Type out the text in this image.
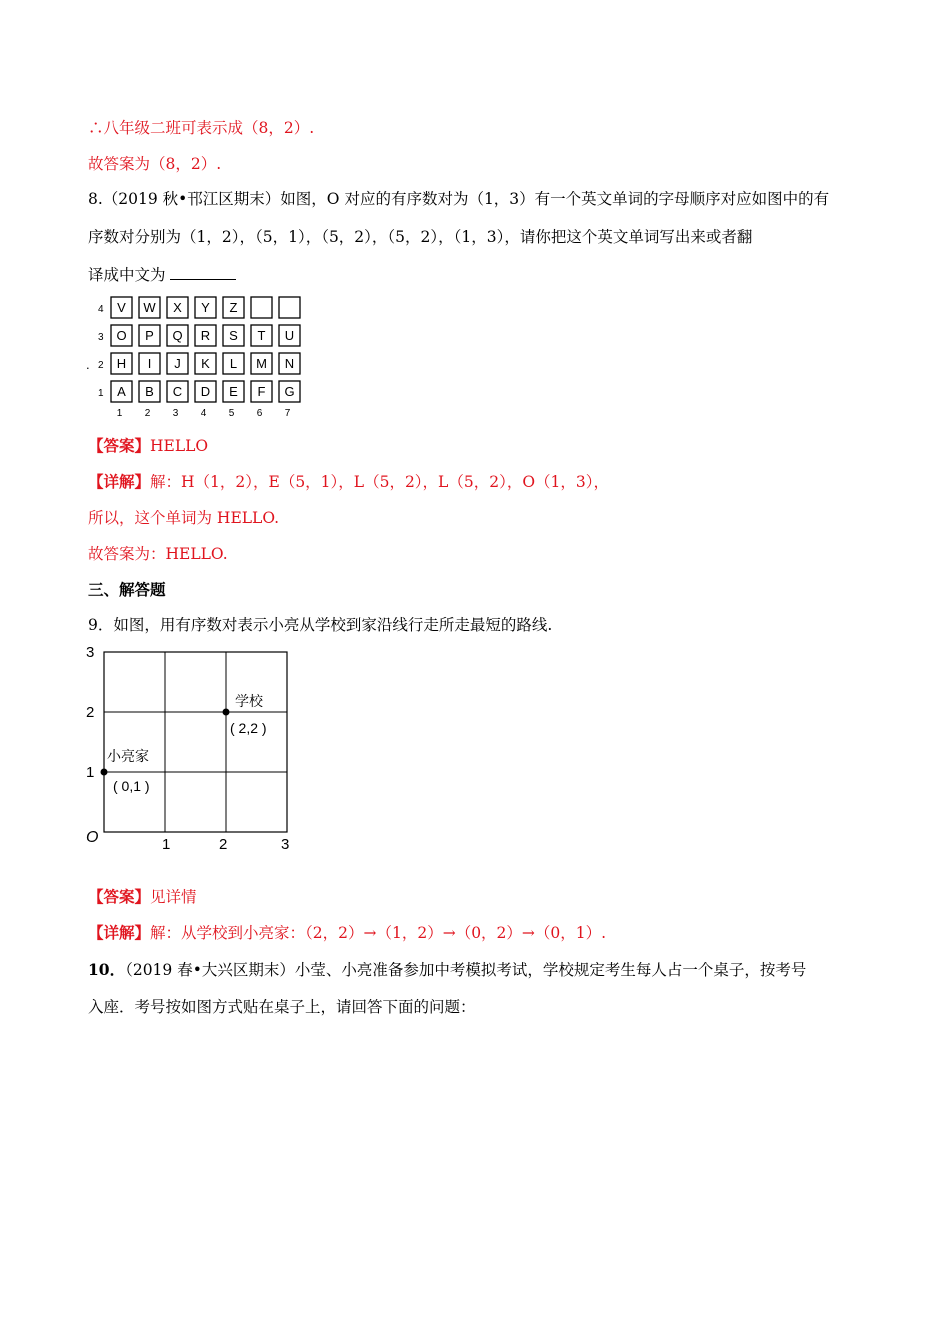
∴八年级二班可表示成（8，2）.
故答案为（8，2）.
8.（2019 秋•邗江区期末）如图，O 对应的有序数对为（1，3）有一个英文单词的字母顺序对应如图中的有
序数对分别为（1，2），（5，1），（5，2），（5，2），（1，3），请你把这个英文单词写出来或者翻
译成中文为
.
V W X Y Z
O P Q R S T U
H I J K L M N
A B C D E F G
4
3
2
1
1 2 3 4 5 6 7
【答案】HELLO
【详解】解：H（1，2），E（5，1），L（5，2），L（5，2），O（1，3），
所以，这个单词为 HELLO.
故答案为：HELLO.
三、解答题
9．如图，用有序数对表示小亮从学校到家沿线行走所走最短的路线.
3
2
1
O	1	2	3
学校
( 2,2 )
小亮家
( 0,1 )
【答案】见详情
【详解】解：从学校到小亮家：（2，2）→（1，2）→（0，2）→（0，1）.
10．（2019 春•大兴区期末）小莹、小亮准备参加中考模拟考试，学校规定考生每人占一个桌子，按考号
入座．考号按如图方式贴在桌子上，请回答下面的问题：
